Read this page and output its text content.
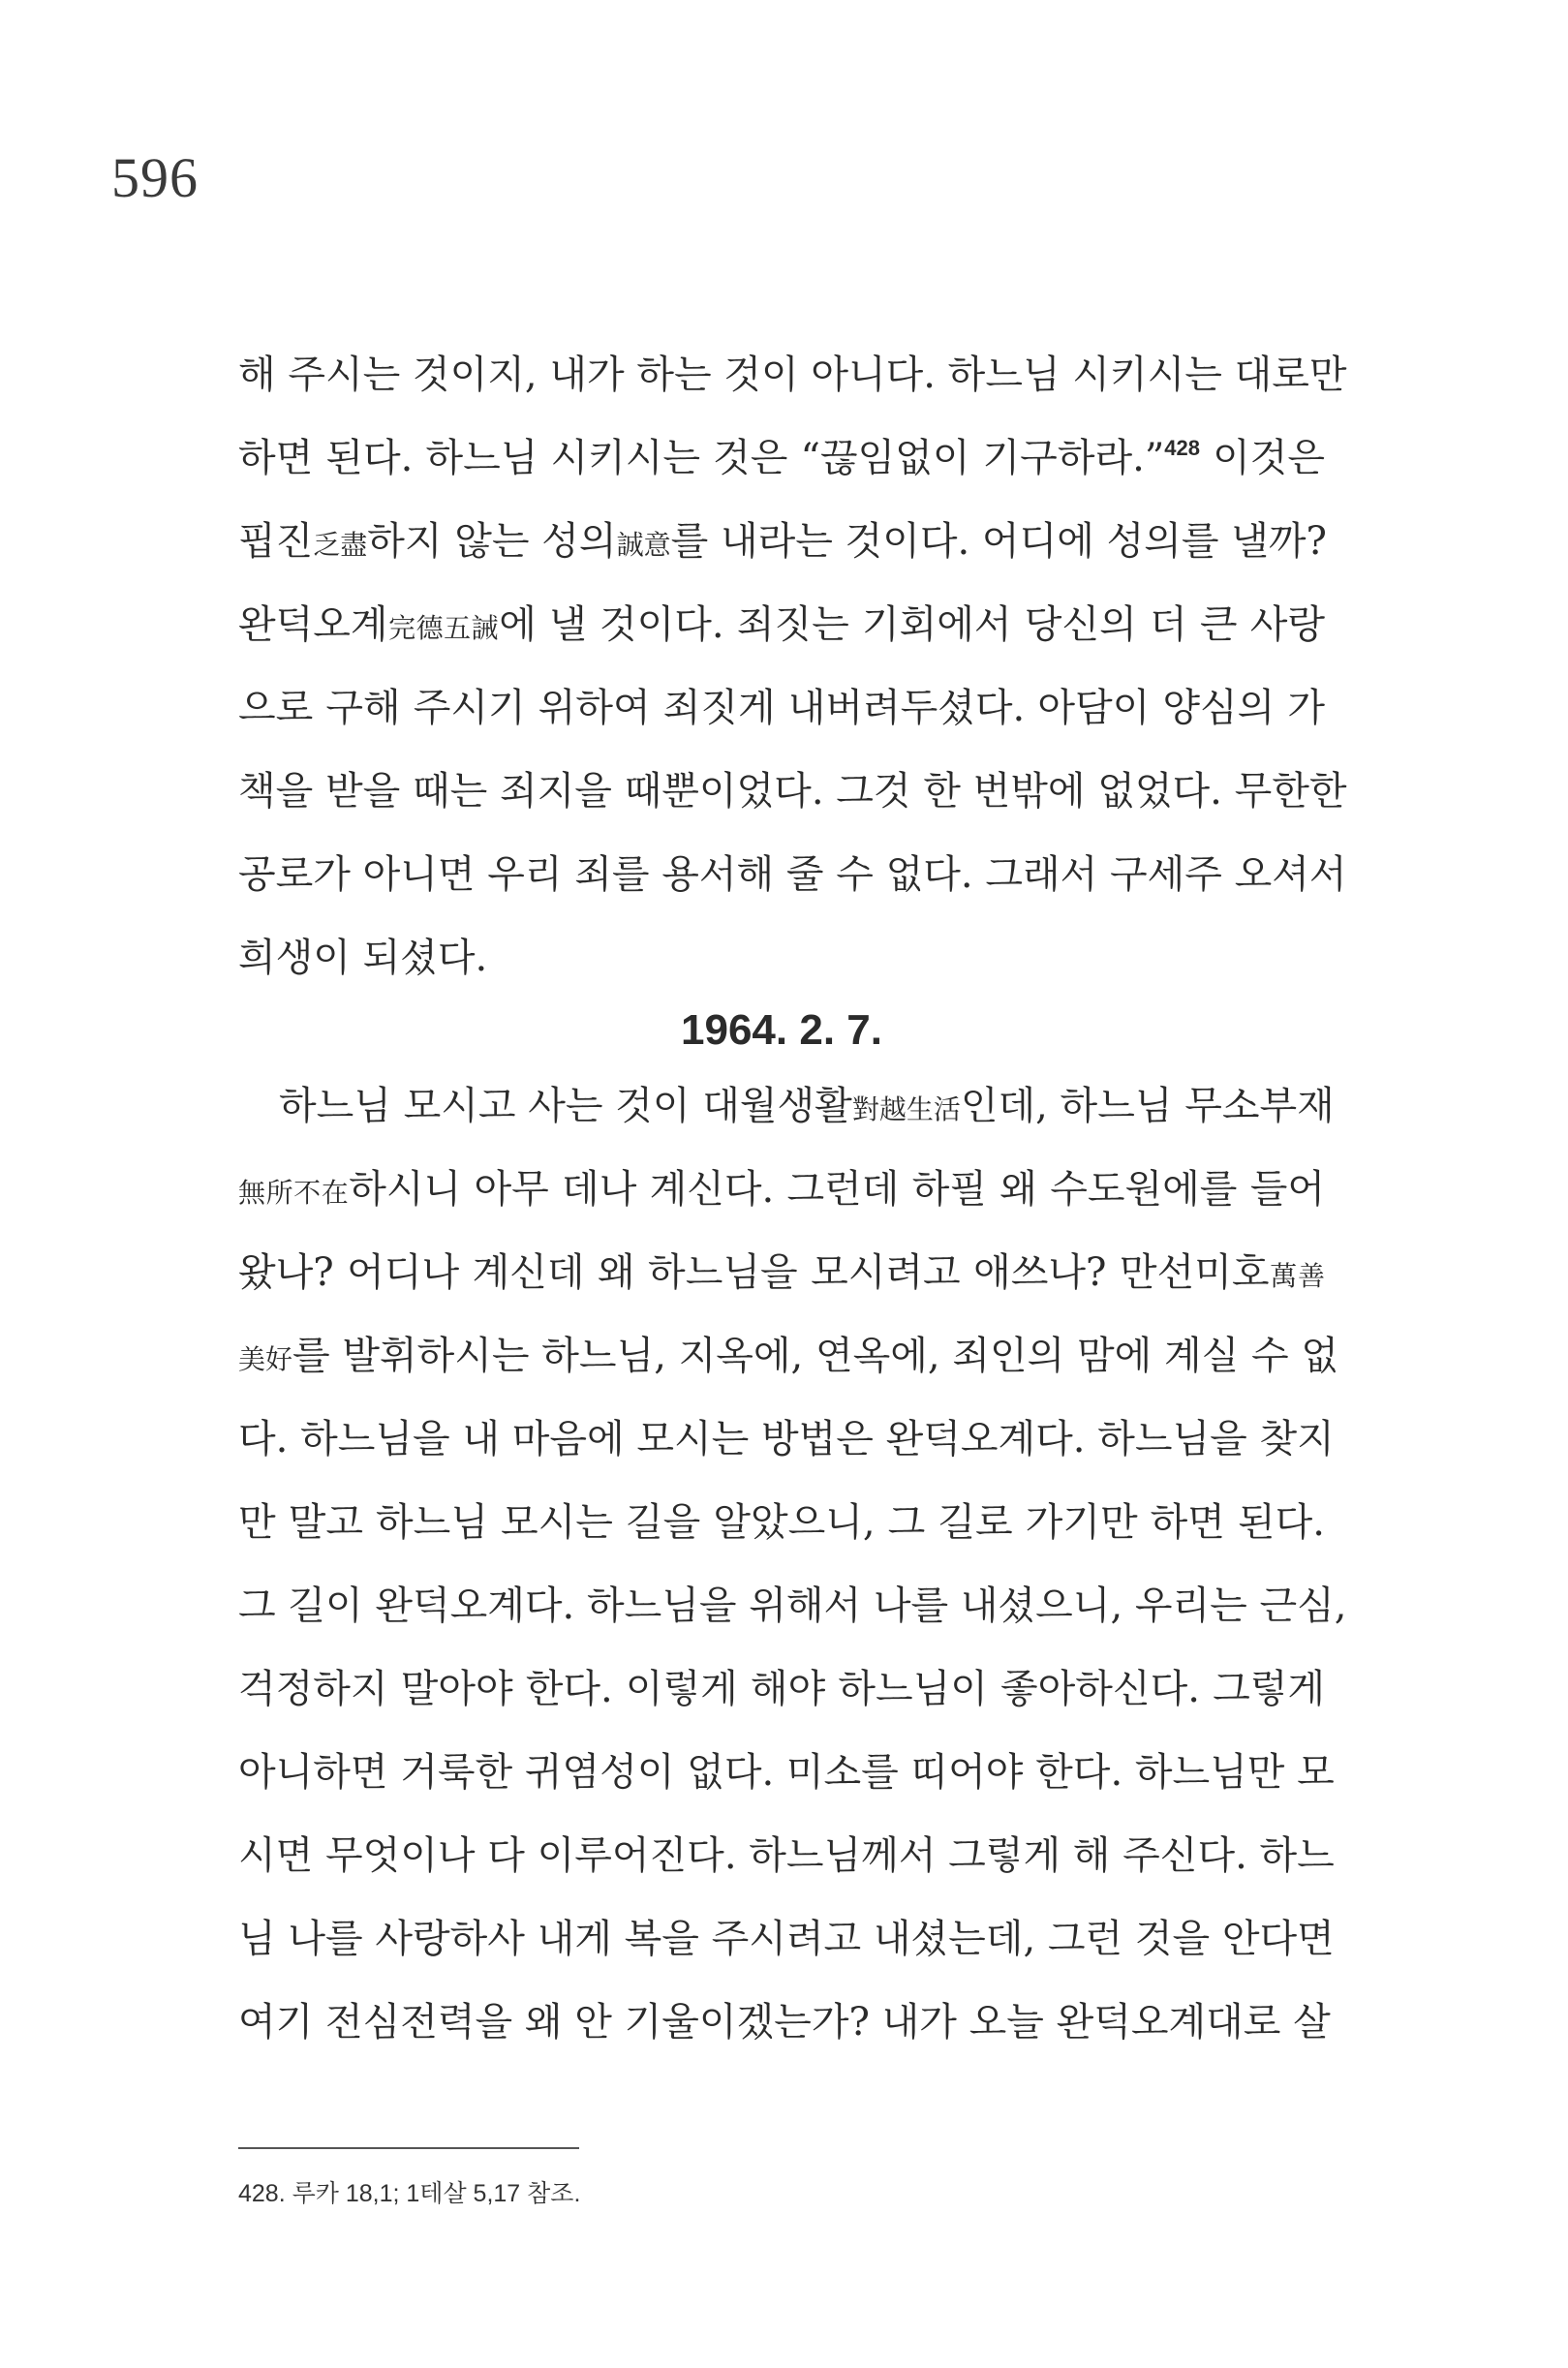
596
해 주시는 것이지, 내가 하는 것이 아니다. 하느님 시키시는 대로만
하면 된다. 하느님 시키시는 것은 “끊임없이 기구하라.”$^{428}$ 이것은
핍진乏盡하지 않는 성의誠意를 내라는 것이다. 어디에 성의를 낼까?
완덕오계完德五誡에 낼 것이다. 죄짓는 기회에서 당신의 더 큰 사랑
으로 구해 주시기 위하여 죄짓게 내버려두셨다. 아담이 양심의 가
책을 받을 때는 죄지을 때뿐이었다. 그것 한 번밖에 없었다. 무한한
공로가 아니면 우리 죄를 용서해 줄 수 없다. 그래서 구세주 오셔서
희생이 되셨다.
1964. 2. 7.
하느님 모시고 사는 것이 대월생활對越生活인데, 하느님 무소부재
無所不在하시니 아무 데나 계신다. 그런데 하필 왜 수도원에를 들어
왔나? 어디나 계신데 왜 하느님을 모시려고 애쓰나? 만선미호萬善
美好를 발휘하시는 하느님, 지옥에, 연옥에, 죄인의 맘에 계실 수 없
다. 하느님을 내 마음에 모시는 방법은 완덕오계다. 하느님을 찾지
만 말고 하느님 모시는 길을 알았으니, 그 길로 가기만 하면 된다.
그 길이 완덕오계다. 하느님을 위해서 나를 내셨으니, 우리는 근심,
걱정하지 말아야 한다. 이렇게 해야 하느님이 좋아하신다. 그렇게
아니하면 거룩한 귀염성이 없다. 미소를 띠어야 한다. 하느님만 모
시면 무엇이나 다 이루어진다. 하느님께서 그렇게 해 주신다. 하느
님 나를 사랑하사 내게 복을 주시려고 내셨는데, 그런 것을 안다면
여기 전심전력을 왜 안 기울이겠는가? 내가 오늘 완덕오계대로 살
428. 루카 18,1; 1테살 5,17 참조.
